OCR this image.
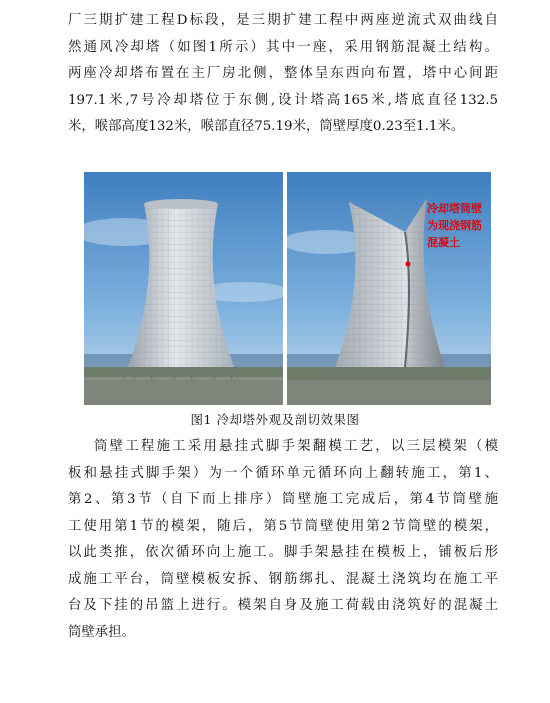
厂三期扩建工程D标段，是三期扩建工程中两座逆流式双曲线自
然通风冷却塔（如图1所示）其中一座，采用钢筋混凝土结构。
两座冷却塔布置在主厂房北侧，整体呈东西向布置，塔中心间距
197.1米,7号冷却塔位于东侧,设计塔高165米,塔底直径132.5
米，喉部高度132米，喉部直径75.19米，筒壁厚度0.23至1.1米。

冷却塔筒壁
为现浇钢筋
混凝土
图1 冷却塔外观及剖切效果图

筒壁工程施工采用悬挂式脚手架翻模工艺，以三层模架（模
板和悬挂式脚手架）为一个循环单元循环向上翻转施工，第1、
第2、第3节（自下而上排序）筒壁施工完成后，第4节筒壁施
工使用第1节的模架，随后，第5节筒壁使用第2节筒壁的模架，
以此类推，依次循环向上施工。脚手架悬挂在模板上，铺板后形
成施工平台，筒壁模板安拆、钢筋绑扎、混凝土浇筑均在施工平
台及下挂的吊篮上进行。模架自身及施工荷载由浇筑好的混凝土
筒壁承担。
